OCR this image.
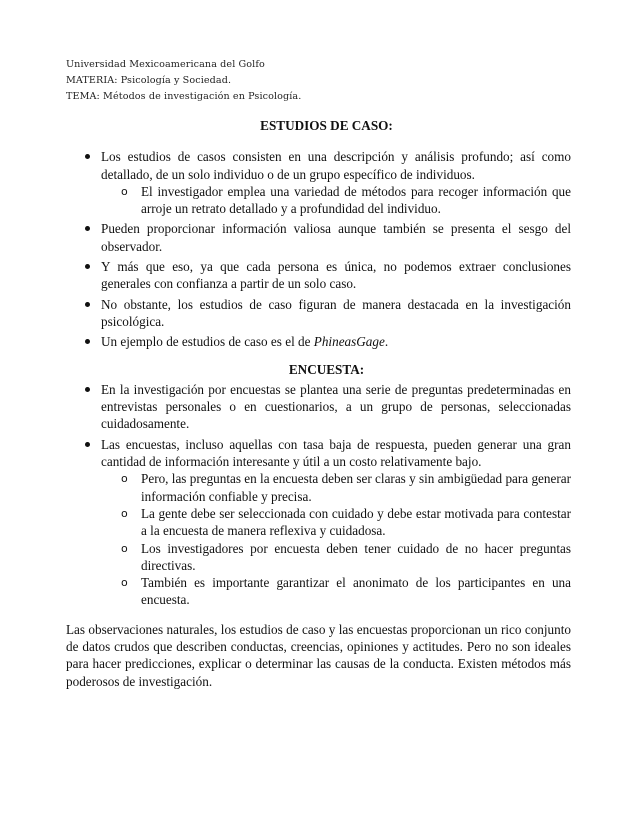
Universidad Mexicoamericana del Golfo
MATERIA: Psicología y Sociedad.
TEMA: Métodos de investigación en Psicología.

ESTUDIOS DE CASO:

Los estudios de casos consisten en una descripción y análisis profundo; así como detallado, de un solo individuo o de un grupo específico de individuos.
o El investigador emplea una variedad de métodos para recoger información que arroje un retrato detallado y a profundidad del individuo.
Pueden proporcionar información valiosa aunque también se presenta el sesgo del observador.
Y más que eso, ya que cada persona es única, no podemos extraer conclusiones generales con confianza a partir de un solo caso.
No obstante, los estudios de caso figuran de manera destacada en la investigación psicológica.
Un ejemplo de estudios de caso es el de PhineasGage.

ENCUESTA:

En la investigación por encuestas se plantea una serie de preguntas predeterminadas en entrevistas personales o en cuestionarios, a un grupo de personas, seleccionadas cuidadosamente.
Las encuestas, incluso aquellas con tasa baja de respuesta, pueden generar una gran cantidad de información interesante y útil a un costo relativamente bajo.
o Pero, las preguntas en la encuesta deben ser claras y sin ambigüedad para generar información confiable y precisa.
o La gente debe ser seleccionada con cuidado y debe estar motivada para contestar a la encuesta de manera reflexiva y cuidadosa.
o Los investigadores por encuesta deben tener cuidado de no hacer preguntas directivas.
o También es importante garantizar el anonimato de los participantes en una encuesta.

Las observaciones naturales, los estudios de caso y las encuestas proporcionan un rico conjunto de datos crudos que describen conductas, creencias, opiniones y actitudes. Pero no son ideales para hacer predicciones, explicar o determinar las causas de la conducta. Existen métodos más poderosos de investigación.
